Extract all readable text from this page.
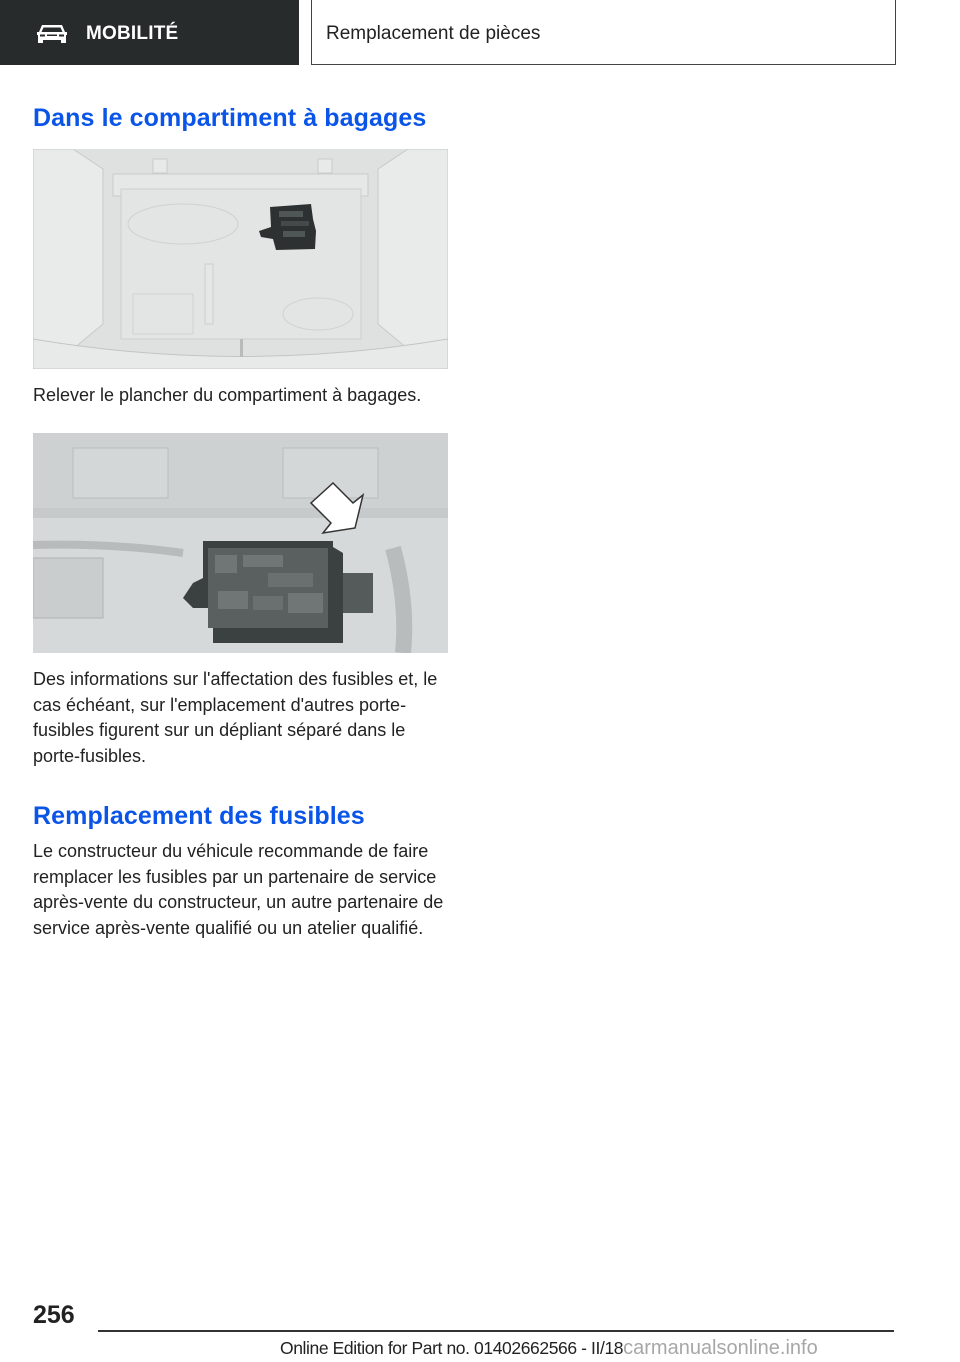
MOBILITÉ	Remplacement de pièces
Dans le compartiment à bagages
Relever le plancher du compartiment à bagages.
Des informations sur l'affectation des fusibles et, le cas échéant, sur l'emplacement d'autres porte-fusibles figurent sur un dépliant séparé dans le porte-fusibles.
Remplacement des fusibles
Le constructeur du véhicule recommande de faire remplacer les fusibles par un partenaire de service après-vente du constructeur, un autre partenaire de service après-vente qualifié ou un atelier qualifié.
256
Online Edition for Part no. 01402662566 - II/18carmanualsonline.info
